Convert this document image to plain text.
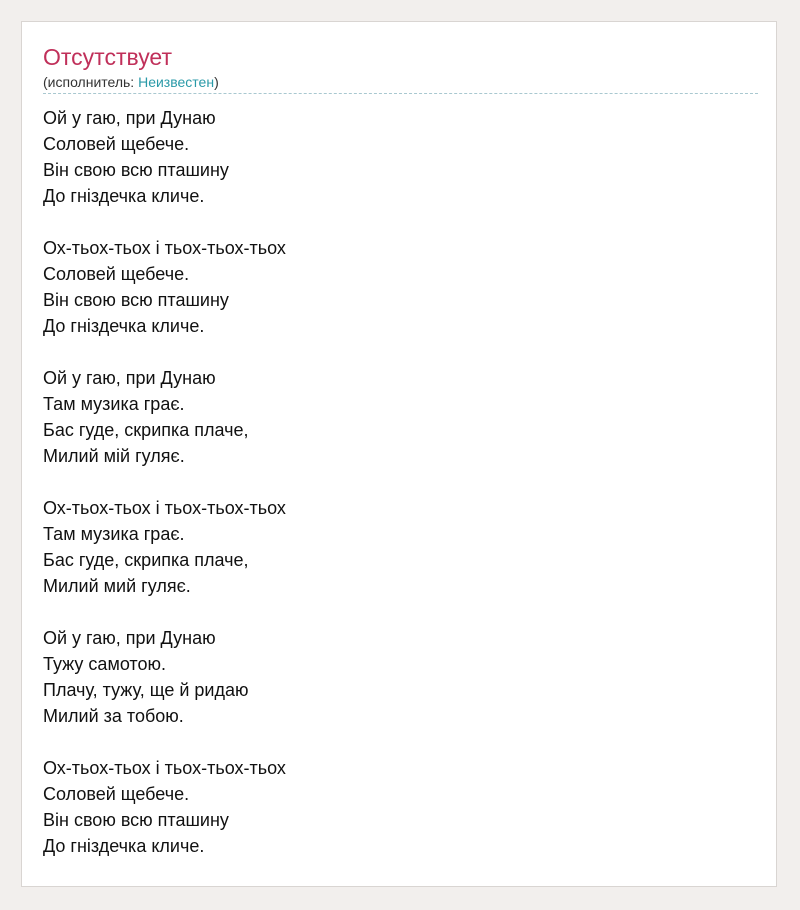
Отсутствует
(исполнитель: Неизвестен)
Ой у гаю, при Дунаю
Соловей щебече.
Він свою всю пташину
До гніздечка кличе.
Ох-тьох-тьох і тьох-тьох-тьох
Соловей щебече.
Він свою всю пташину
До гніздечка кличе.
Ой у гаю, при Дунаю
Там музика грає.
Бас гуде, скрипка плаче,
Милий мій гуляє.
Ох-тьох-тьох і тьох-тьох-тьох
Там музика грає.
Бас гуде, скрипка плаче,
Милий мий гуляє.
Ой у гаю, при Дунаю
Тужу самотою.
Плачу, тужу, ще й ридаю
Милий за тобою.
Ох-тьох-тьох і тьох-тьох-тьох
Соловей щебече.
Він свою всю пташину
До гніздечка кличе.
